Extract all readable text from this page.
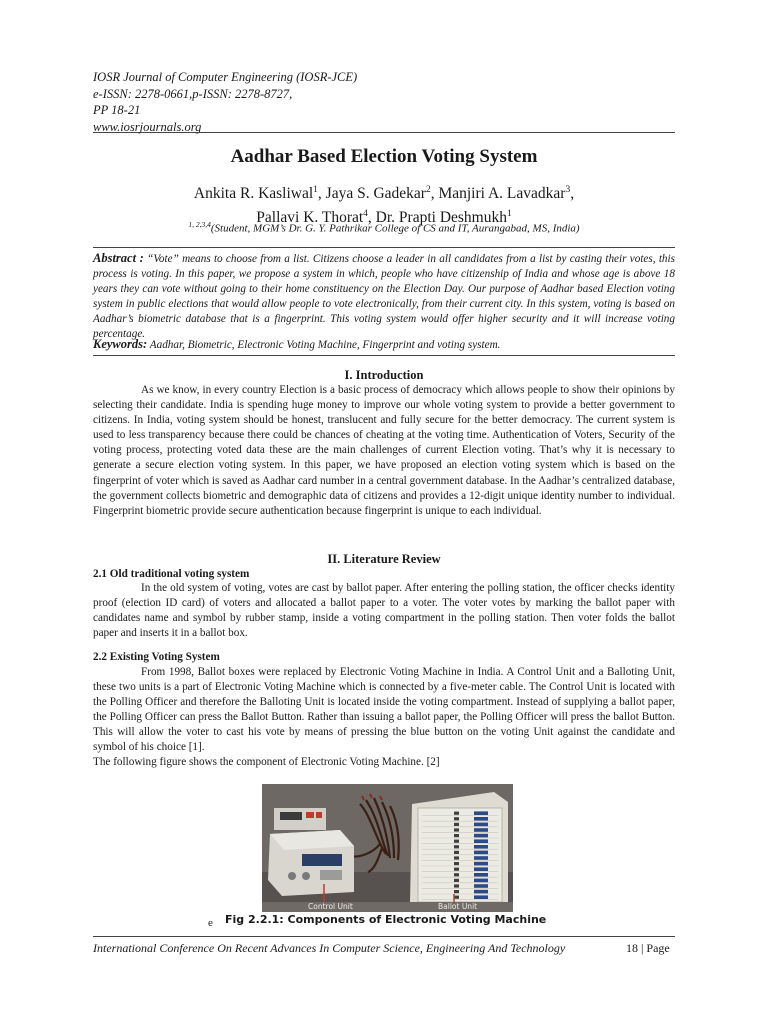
IOSR Journal of Computer Engineering (IOSR-JCE)
e-ISSN: 2278-0661,p-ISSN: 2278-8727,
PP 18-21
www.iosrjournals.org
Aadhar Based Election Voting System
Ankita R. Kasliwal$^1$, Jaya S. Gadekar$^2$, Manjiri A. Lavadkar$^3$,
Pallavi K. Thorat$^4$, Dr. Prapti Deshmukh$^1$
$^{1, 2,3,4}$(Student, MGM’s Dr. G. Y. Pathrikar College of CS and IT, Aurangabad, MS, India)
Abstract : “Vote” means to choose from a list. Citizens choose a leader in all candidates from a list by casting their votes, this process is voting. In this paper, we propose a system in which, people who have citizenship of India and whose age is above 18 years they can vote without going to their home constituency on the Election Day. Our purpose of Aadhar based Election voting system in public elections that would allow people to vote electronically, from their current city. In this system, voting is based on Aadhar’s biometric database that is a fingerprint. This voting system would offer higher security and it will increase voting percentage.
Keywords: Aadhar, Biometric, Electronic Voting Machine, Fingerprint and voting system.
I. Introduction
As we know, in every country Election is a basic process of democracy which allows people to show their opinions by selecting their candidate. India is spending huge money to improve our whole voting system to provide a better government to citizens. In India, voting system should be honest, translucent and fully secure for the better democracy. The current system is used to less transparency because there could be chances of cheating at the voting time. Authentication of Voters, Security of the voting process, protecting voted data these are the main challenges of current Election voting. That’s why it is necessary to generate a secure election voting system. In this paper, we have proposed an election voting system which is based on the fingerprint of voter which is saved as Aadhar card number in a central government database. In the Aadhar’s centralized database, the government collects biometric and demographic data of citizens and provides a 12-digit unique identity number to individual. Fingerprint biometric provide secure authentication because fingerprint is unique to each individual.
II. Literature Review
2.1 Old traditional voting system
In the old system of voting, votes are cast by ballot paper. After entering the polling station, the officer checks identity proof (election ID card) of voters and allocated a ballot paper to a voter. The voter votes by marking the ballot paper with candidates name and symbol by rubber stamp, inside a voting compartment in the polling station. Then voter folds the ballot paper and inserts it in a ballot box.
2.2 Existing Voting System
From 1998, Ballot boxes were replaced by Electronic Voting Machine in India. A Control Unit and a Balloting Unit, these two units is a part of Electronic Voting Machine which is connected by a five-meter cable. The Control Unit is located with the Polling Officer and therefore the Balloting Unit is located inside the voting compartment. Instead of supplying a ballot paper, the Polling Officer can press the Ballot Button. Rather than issuing a ballot paper, the Polling Officer will press the ballot Button. This will allow the voter to cast his vote by means of pressing the blue button on the voting Unit against the candidate and symbol of his choice [1].
The following figure shows the component of Electronic Voting Machine. [2]
Control Unit	Ballot Unit
e Fig 2.2.1: Components of Electronic Voting Machine
International Conference On Recent Advances In Computer Science, Engineering And Technology	18 | Page
